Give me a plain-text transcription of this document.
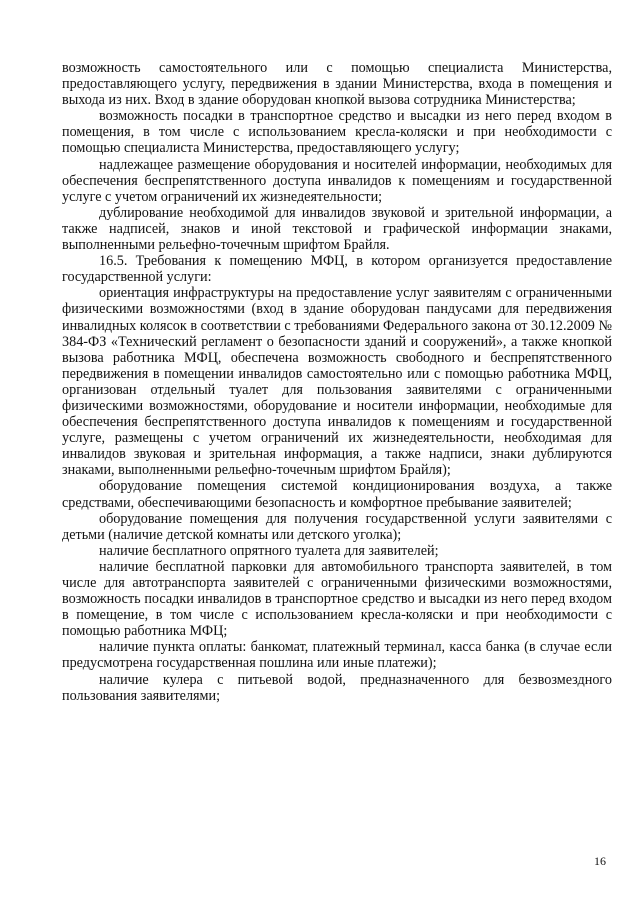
возможность самостоятельного или с помощью специалиста Министерства, предоставляющего услугу, передвижения в здании Министерства, входа в помещения и выхода из них. Вход в здание оборудован кнопкой вызова сотрудника Министерства;

возможность посадки в транспортное средство и высадки из него перед входом в помещения, в том числе с использованием кресла-коляски и при необходимости с помощью специалиста Министерства, предоставляющего услугу;

надлежащее размещение оборудования и носителей информации, необходимых для обеспечения беспрепятственного доступа инвалидов к помещениям и государственной услуге с учетом ограничений их жизнедеятельности;

дублирование необходимой для инвалидов звуковой и зрительной информации, а также надписей, знаков и иной текстовой и графической информации знаками, выполненными рельефно-точечным шрифтом Брайля.

16.5. Требования к помещению МФЦ, в котором организуется предоставление государственной услуги:

ориентация инфраструктуры на предоставление услуг заявителям с ограниченными физическими возможностями (вход в здание оборудован пандусами для передвижения инвалидных колясок в соответствии с требованиями Федерального закона от 30.12.2009 № 384-ФЗ «Технический регламент о безопасности зданий и сооружений», а также кнопкой вызова работника МФЦ, обеспечена возможность свободного и беспрепятственного передвижения в помещении инвалидов самостоятельно или с помощью работника МФЦ, организован отдельный туалет для пользования заявителями с ограниченными физическими возможностями, оборудование и носители информации, необходимые для обеспечения беспрепятственного доступа инвалидов к помещениям и государственной услуге, размещены с учетом ограничений их жизнедеятельности, необходимая для инвалидов звуковая и зрительная информация, а также надписи, знаки дублируются знаками, выполненными рельефно-точечным шрифтом Брайля);

оборудование помещения системой кондиционирования воздуха, а также средствами, обеспечивающими безопасность и комфортное пребывание заявителей;

оборудование помещения для получения государственной услуги заявителями с детьми (наличие детской комнаты или детского уголка);

наличие бесплатного опрятного туалета для заявителей;

наличие бесплатной парковки для автомобильного транспорта заявителей, в том числе для автотранспорта заявителей с ограниченными физическими возможностями, возможность посадки инвалидов в транспортное средство и высадки из него перед входом в помещение, в том числе с использованием кресла-коляски и при необходимости с помощью работника МФЦ;

наличие пункта оплаты: банкомат, платежный терминал, касса банка (в случае если предусмотрена государственная пошлина или иные платежи);

наличие кулера с питьевой водой, предназначенного для безвозмездного пользования заявителями;

16
